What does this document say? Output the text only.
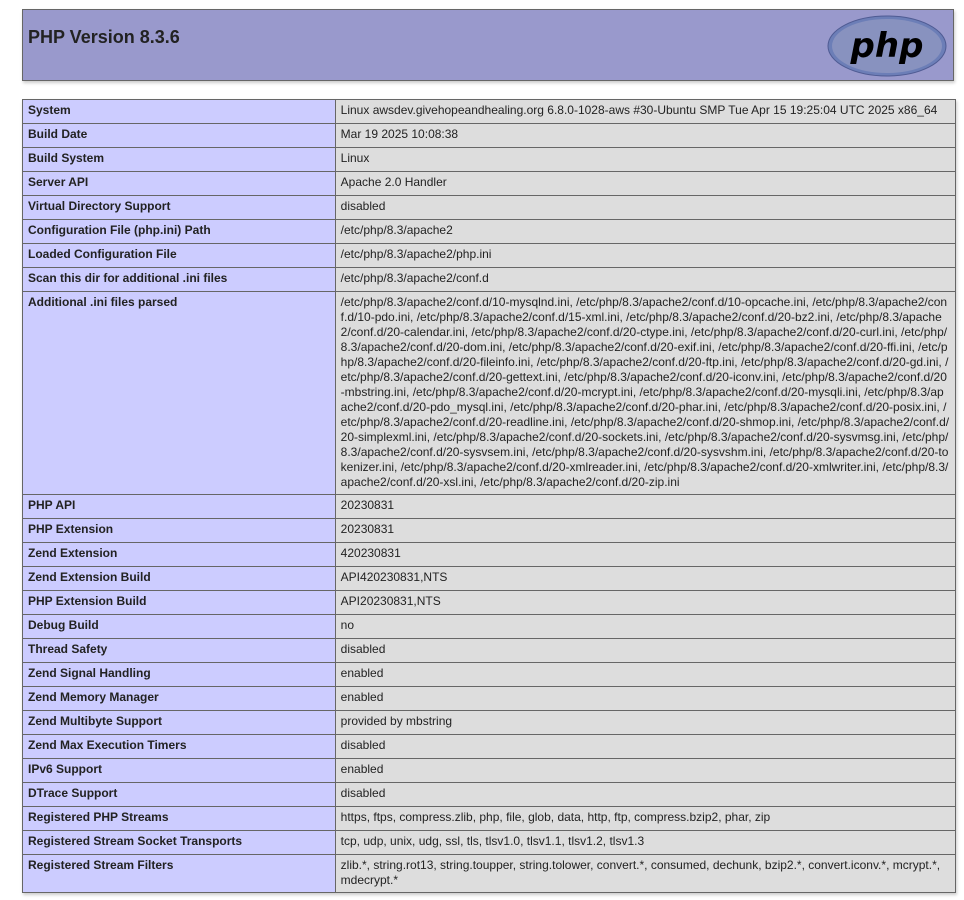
PHP Version 8.3.6	php
System	Linux awsdev.givehopeandhealing.org 6.8.0-1028-aws #30-Ubuntu SMP Tue Apr 15 19:25:04 UTC 2025 x86_64
Build Date	Mar 19 2025 10:08:38
Build System	Linux
Server API	Apache 2.0 Handler
Virtual Directory Support	disabled
Configuration File (php.ini) Path	/etc/php/8.3/apache2
Loaded Configuration File	/etc/php/8.3/apache2/php.ini
Scan this dir for additional .ini files	/etc/php/8.3/apache2/conf.d
Additional .ini files parsed	/etc/php/8.3/apache2/conf.d/10-mysqlnd.ini, /etc/php/8.3/apache2/conf.d/10-opcache.ini, /etc/php/8.3/apache2/conf.d/10-pdo.ini, /etc/php/8.3/apache2/conf.d/15-xml.ini, /etc/php/8.3/apache2/conf.d/20-bz2.ini, /etc/php/8.3/apache2/conf.d/20-calendar.ini, /etc/php/8.3/apache2/conf.d/20-ctype.ini, /etc/php/8.3/apache2/conf.d/20-curl.ini, /etc/php/8.3/apache2/conf.d/20-dom.ini, /etc/php/8.3/apache2/conf.d/20-exif.ini, /etc/php/8.3/apache2/conf.d/20-ffi.ini, /etc/php/8.3/apache2/conf.d/20-fileinfo.ini, /etc/php/8.3/apache2/conf.d/20-ftp.ini, /etc/php/8.3/apache2/conf.d/20-gd.ini, /etc/php/8.3/apache2/conf.d/20-gettext.ini, /etc/php/8.3/apache2/conf.d/20-iconv.ini, /etc/php/8.3/apache2/conf.d/20-mbstring.ini, /etc/php/8.3/apache2/conf.d/20-mcrypt.ini, /etc/php/8.3/apache2/conf.d/20-mysqli.ini, /etc/php/8.3/apache2/conf.d/20-pdo_mysql.ini, /etc/php/8.3/apache2/conf.d/20-phar.ini, /etc/php/8.3/apache2/conf.d/20-posix.ini, /etc/php/8.3/apache2/conf.d/20-readline.ini, /etc/php/8.3/apache2/conf.d/20-shmop.ini, /etc/php/8.3/apache2/conf.d/20-simplexml.ini, /etc/php/8.3/apache2/conf.d/20-sockets.ini, /etc/php/8.3/apache2/conf.d/20-sysvmsg.ini, /etc/php/8.3/apache2/conf.d/20-sysvsem.ini, /etc/php/8.3/apache2/conf.d/20-sysvshm.ini, /etc/php/8.3/apache2/conf.d/20-tokenizer.ini, /etc/php/8.3/apache2/conf.d/20-xmlreader.ini, /etc/php/8.3/apache2/conf.d/20-xmlwriter.ini, /etc/php/8.3/apache2/conf.d/20-xsl.ini, /etc/php/8.3/apache2/conf.d/20-zip.ini
PHP API	20230831
PHP Extension	20230831
Zend Extension	420230831
Zend Extension Build	API420230831,NTS
PHP Extension Build	API20230831,NTS
Debug Build	no
Thread Safety	disabled
Zend Signal Handling	enabled
Zend Memory Manager	enabled
Zend Multibyte Support	provided by mbstring
Zend Max Execution Timers	disabled
IPv6 Support	enabled
DTrace Support	disabled
Registered PHP Streams	https, ftps, compress.zlib, php, file, glob, data, http, ftp, compress.bzip2, phar, zip
Registered Stream Socket Transports	tcp, udp, unix, udg, ssl, tls, tlsv1.0, tlsv1.1, tlsv1.2, tlsv1.3
Registered Stream Filters	zlib.*, string.rot13, string.toupper, string.tolower, convert.*, consumed, dechunk, bzip2.*, convert.iconv.*, mcrypt.*, mdecrypt.*
